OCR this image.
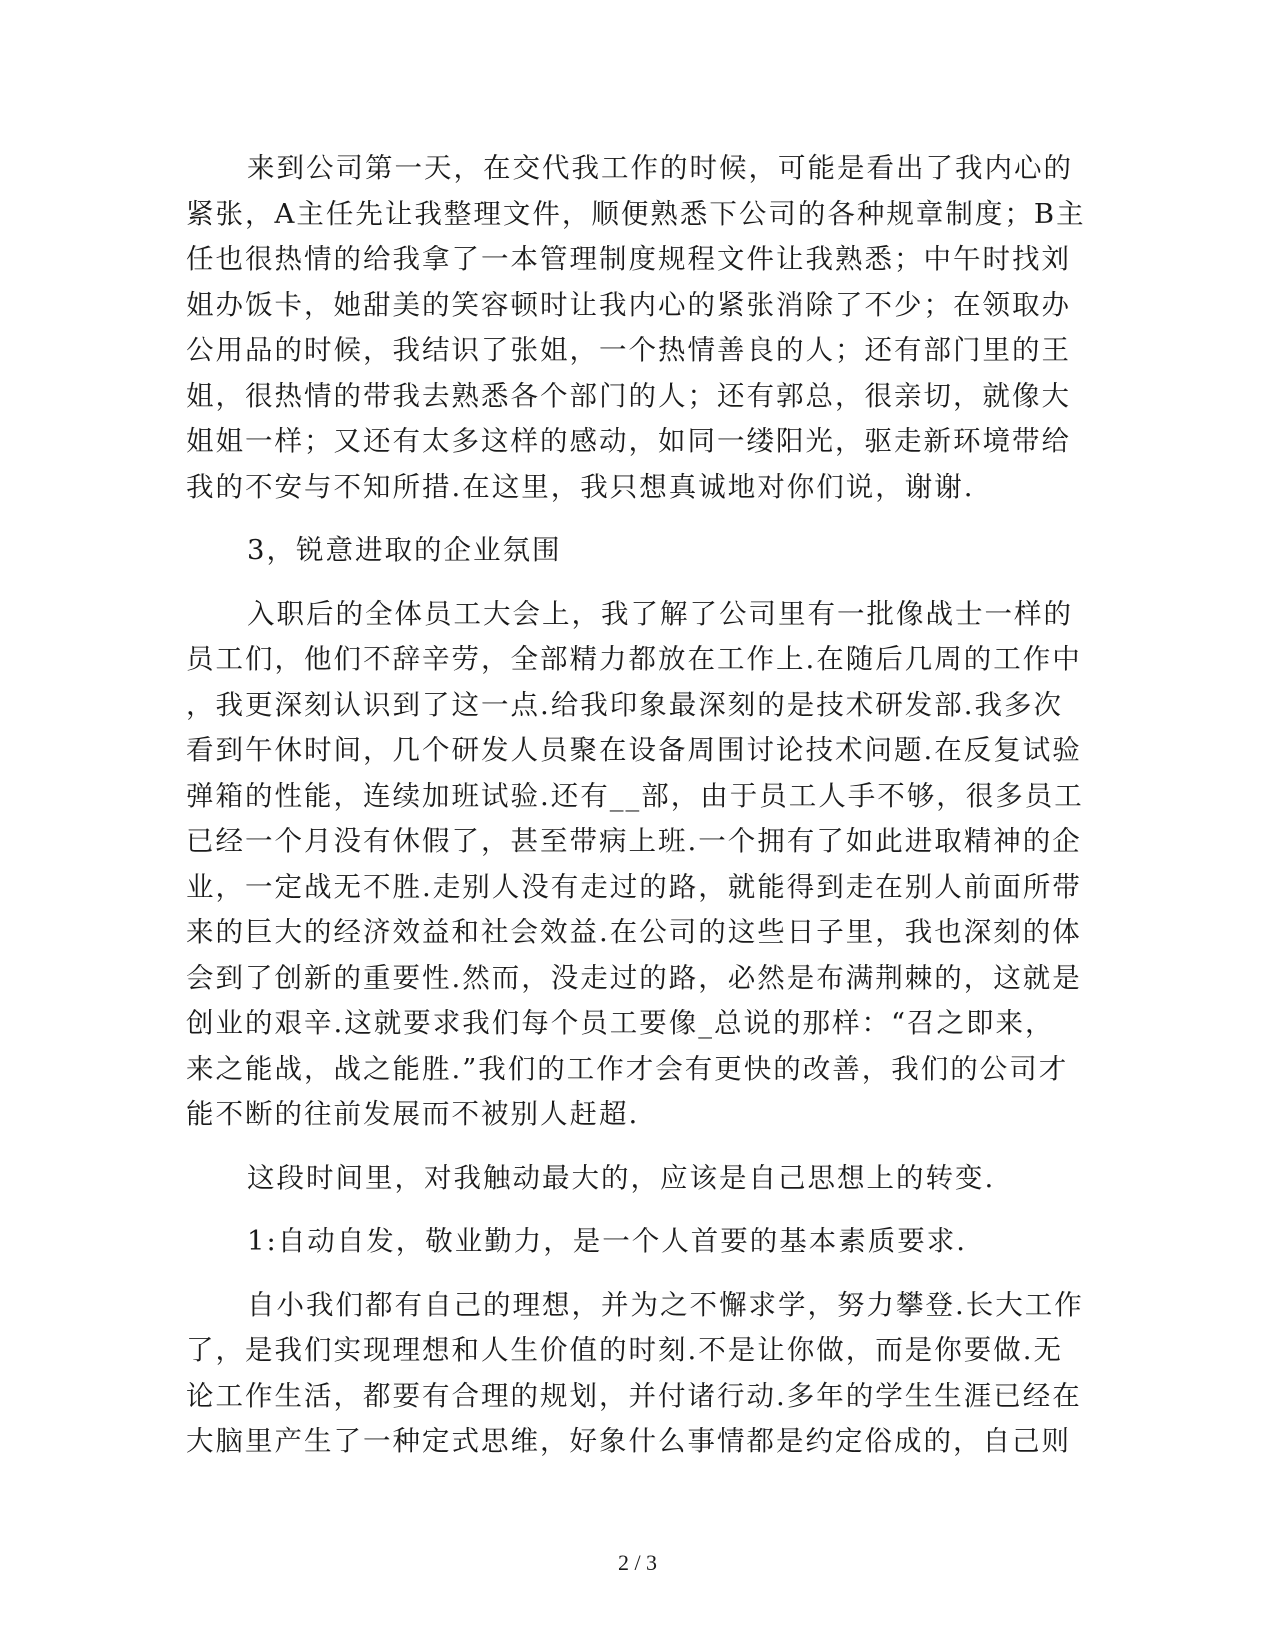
来到公司第一天，在交代我工作的时候，可能是看出了我内心的
紧张，A主任先让我整理文件，顺便熟悉下公司的各种规章制度；B主
任也很热情的给我拿了一本管理制度规程文件让我熟悉；中午时找刘
姐办饭卡，她甜美的笑容顿时让我内心的紧张消除了不少；在领取办
公用品的时候，我结识了张姐，一个热情善良的人；还有部门里的王
姐，很热情的带我去熟悉各个部门的人；还有郭总，很亲切，就像大
姐姐一样；又还有太多这样的感动，如同一缕阳光，驱走新环境带给
我的不安与不知所措.在这里，我只想真诚地对你们说，谢谢.

3，锐意进取的企业氛围

入职后的全体员工大会上，我了解了公司里有一批像战士一样的
员工们，他们不辞辛劳，全部精力都放在工作上.在随后几周的工作中
，我更深刻认识到了这一点.给我印象最深刻的是技术研发部.我多次
看到午休时间，几个研发人员聚在设备周围讨论技术问题.在反复试验
弹箱的性能，连续加班试验.还有__部，由于员工人手不够，很多员工
已经一个月没有休假了，甚至带病上班.一个拥有了如此进取精神的企
业，一定战无不胜.走别人没有走过的路，就能得到走在别人前面所带
来的巨大的经济效益和社会效益.在公司的这些日子里，我也深刻的体
会到了创新的重要性.然而，没走过的路，必然是布满荆棘的，这就是
创业的艰辛.这就要求我们每个员工要像_总说的那样：“召之即来，
来之能战，战之能胜.”我们的工作才会有更快的改善，我们的公司才
能不断的往前发展而不被别人赶超.

这段时间里，对我触动最大的，应该是自己思想上的转变.

1:自动自发，敬业勤力，是一个人首要的基本素质要求.

自小我们都有自己的理想，并为之不懈求学，努力攀登.长大工作
了，是我们实现理想和人生价值的时刻.不是让你做，而是你要做.无
论工作生活，都要有合理的规划，并付诸行动.多年的学生生涯已经在
大脑里产生了一种定式思维，好象什么事情都是约定俗成的，自己则

2 / 3
